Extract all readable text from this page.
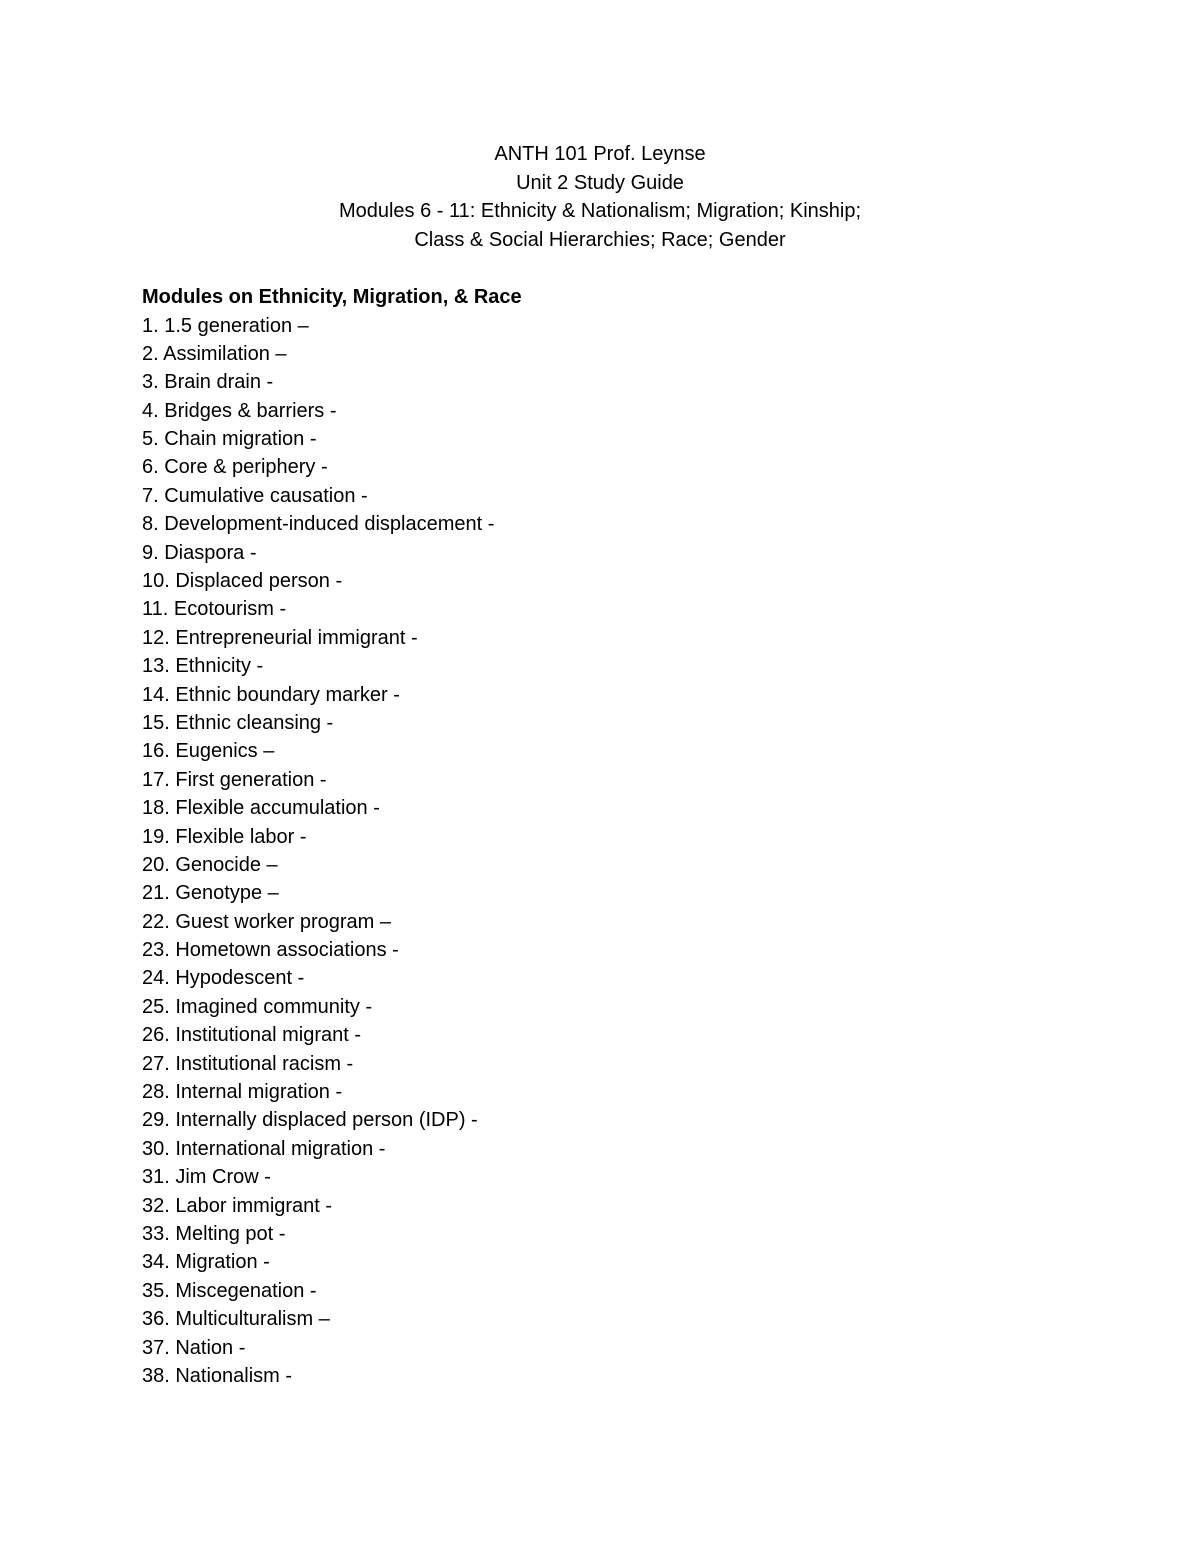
ANTH 101 Prof. Leynse
Unit 2 Study Guide
Modules 6 - 11: Ethnicity & Nationalism; Migration; Kinship;
Class & Social Hierarchies; Race; Gender
Modules on Ethnicity, Migration, & Race
1. 1.5 generation –
2. Assimilation –
3. Brain drain -
4. Bridges & barriers -
5. Chain migration -
6. Core & periphery -
7. Cumulative causation -
8. Development-induced displacement -
9. Diaspora -
10. Displaced person -
11. Ecotourism -
12. Entrepreneurial immigrant -
13. Ethnicity -
14. Ethnic boundary marker -
15. Ethnic cleansing -
16. Eugenics –
17. First generation -
18. Flexible accumulation -
19. Flexible labor -
20. Genocide –
21. Genotype –
22. Guest worker program –
23. Hometown associations -
24. Hypodescent -
25. Imagined community -
26. Institutional migrant -
27. Institutional racism -
28. Internal migration -
29. Internally displaced person (IDP) -
30. International migration -
31. Jim Crow -
32. Labor immigrant -
33. Melting pot -
34. Migration -
35. Miscegenation -
36. Multiculturalism –
37. Nation -
38. Nationalism -
